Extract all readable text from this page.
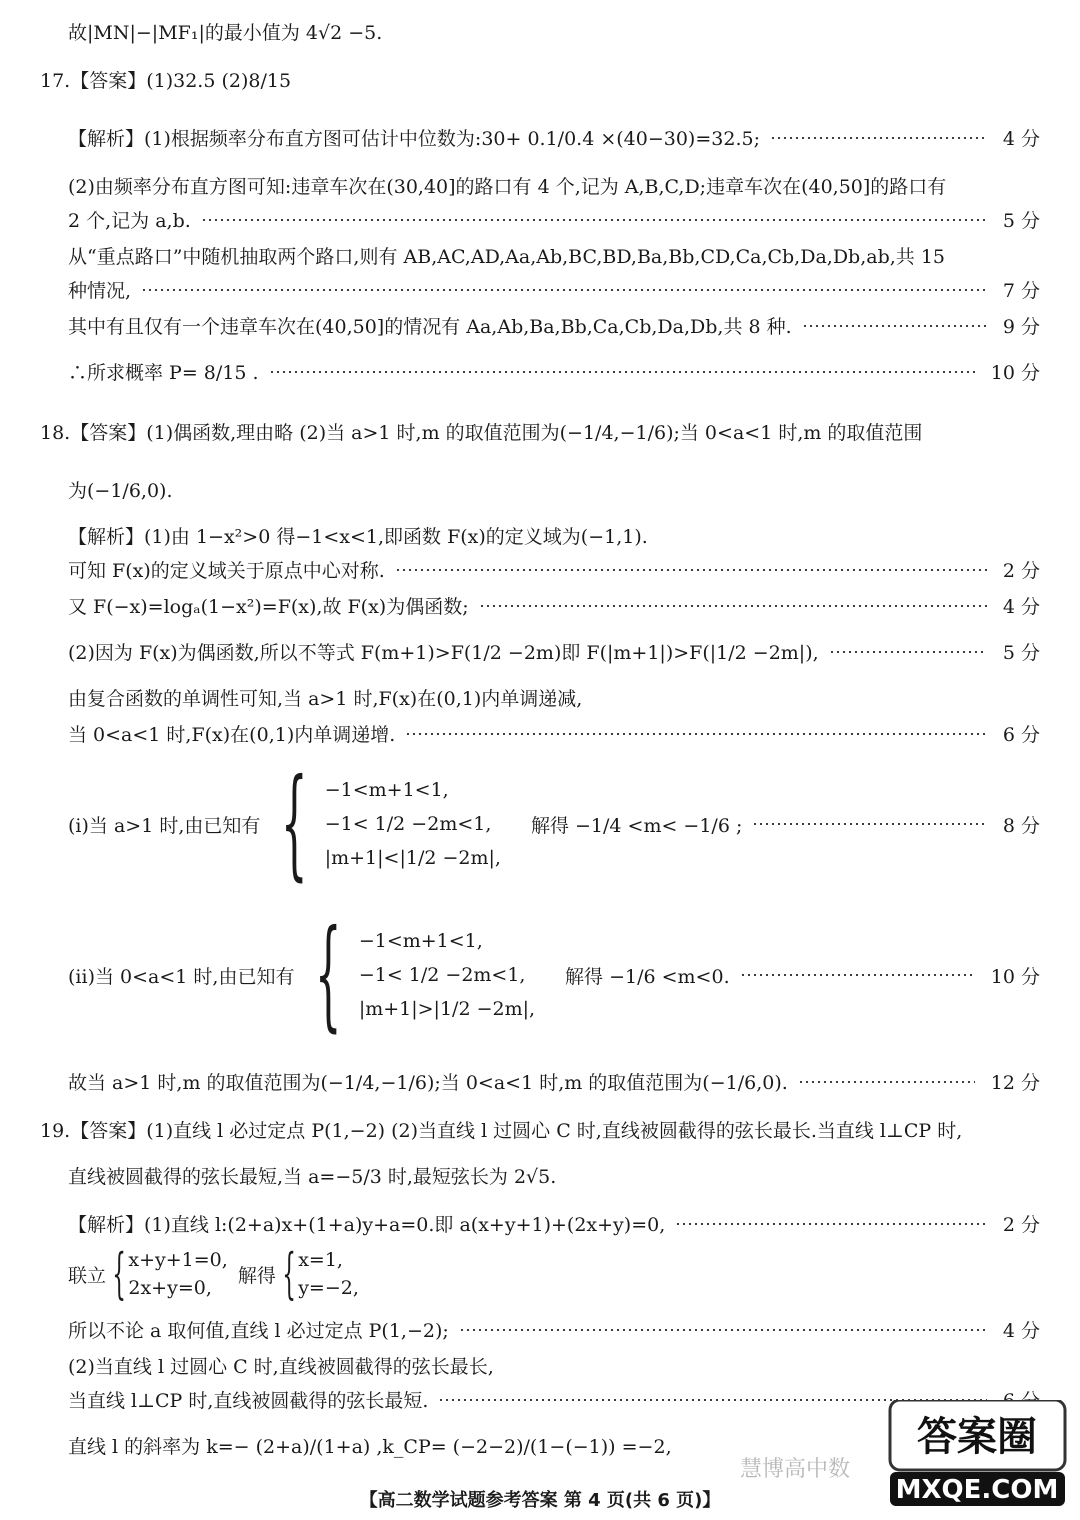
故|MN|−|MF₁|的最小值为 4√2 −5.
17.【答案】(1)32.5 (2)8/15
【解析】(1)根据频率分布直方图可估计中位数为:30+ 0.1/0.4 ×(40−30)=32.5;	4 分
(2)由频率分布直方图可知:违章车次在(30,40]的路口有 4 个,记为 A,B,C,D;违章车次在(40,50]的路口有
2 个,记为 a,b.	5 分
从“重点路口”中随机抽取两个路口,则有 AB,AC,AD,Aa,Ab,BC,BD,Ba,Bb,CD,Ca,Cb,Da,Db,ab,共 15
种情况,	7 分
其中有且仅有一个违章车次在(40,50]的情况有 Aa,Ab,Ba,Bb,Ca,Cb,Da,Db,共 8 种.	9 分
∴所求概率 P= 8/15 .	10 分
18.【答案】(1)偶函数,理由略 (2)当 a>1 时,m 的取值范围为(−1/4,−1/6);当 0<a<1 时,m 的取值范围
为(−1/6,0).
【解析】(1)由 1−x²>0 得−1<x<1,即函数 F(x)的定义域为(−1,1).
可知 F(x)的定义域关于原点中心对称.	2 分
又 F(−x)=logₐ(1−x²)=F(x),故 F(x)为偶函数;	4 分
(2)因为 F(x)为偶函数,所以不等式 F(m+1)>F(1/2 −2m)即 F(|m+1|)>F(|1/2 −2m|),	5 分
由复合函数的单调性可知,当 a>1 时,F(x)在(0,1)内单调递减,
当 0<a<1 时,F(x)在(0,1)内单调递增.	6 分
(ⅰ)当 a>1 时,由已知有 { −1<m+1<1,
−1< 1/2 −2m<1,
|m+1|<|1/2 −2m|,
解得 −1/4 <m< −1/6 ;	8 分
(ⅱ)当 0<a<1 时,由已知有 { −1<m+1<1,
−1< 1/2 −2m<1,
|m+1|>|1/2 −2m|,
解得 −1/6 <m<0.	10 分
故当 a>1 时,m 的取值范围为(−1/4,−1/6);当 0<a<1 时,m 的取值范围为(−1/6,0).	12 分
19.【答案】(1)直线 l 必过定点 P(1,−2) (2)当直线 l 过圆心 C 时,直线被圆截得的弦长最长.当直线 l⊥CP 时,
直线被圆截得的弦长最短,当 a=−5/3 时,最短弦长为 2√5.
【解析】(1)直线 l:(2+a)x+(1+a)y+a=0.即 a(x+y+1)+(2x+y)=0,	2 分
联立 { x+y+1=0,
2x+y=0,
解得 { x=1,
y=−2,
所以不论 a 取何值,直线 l 必过定点 P(1,−2);	4 分
(2)当直线 l 过圆心 C 时,直线被圆截得的弦长最长,
当直线 l⊥CP 时,直线被圆截得的弦长最短.
直线 l 的斜率为 k=− (2+a)/(1+a) ,k_CP= (−2−2)/(1−(−1)) =−2,
慧博高中数
答案圈
MXQE.COM
【高二数学试题参考答案 第 4 页(共 6 页)】
